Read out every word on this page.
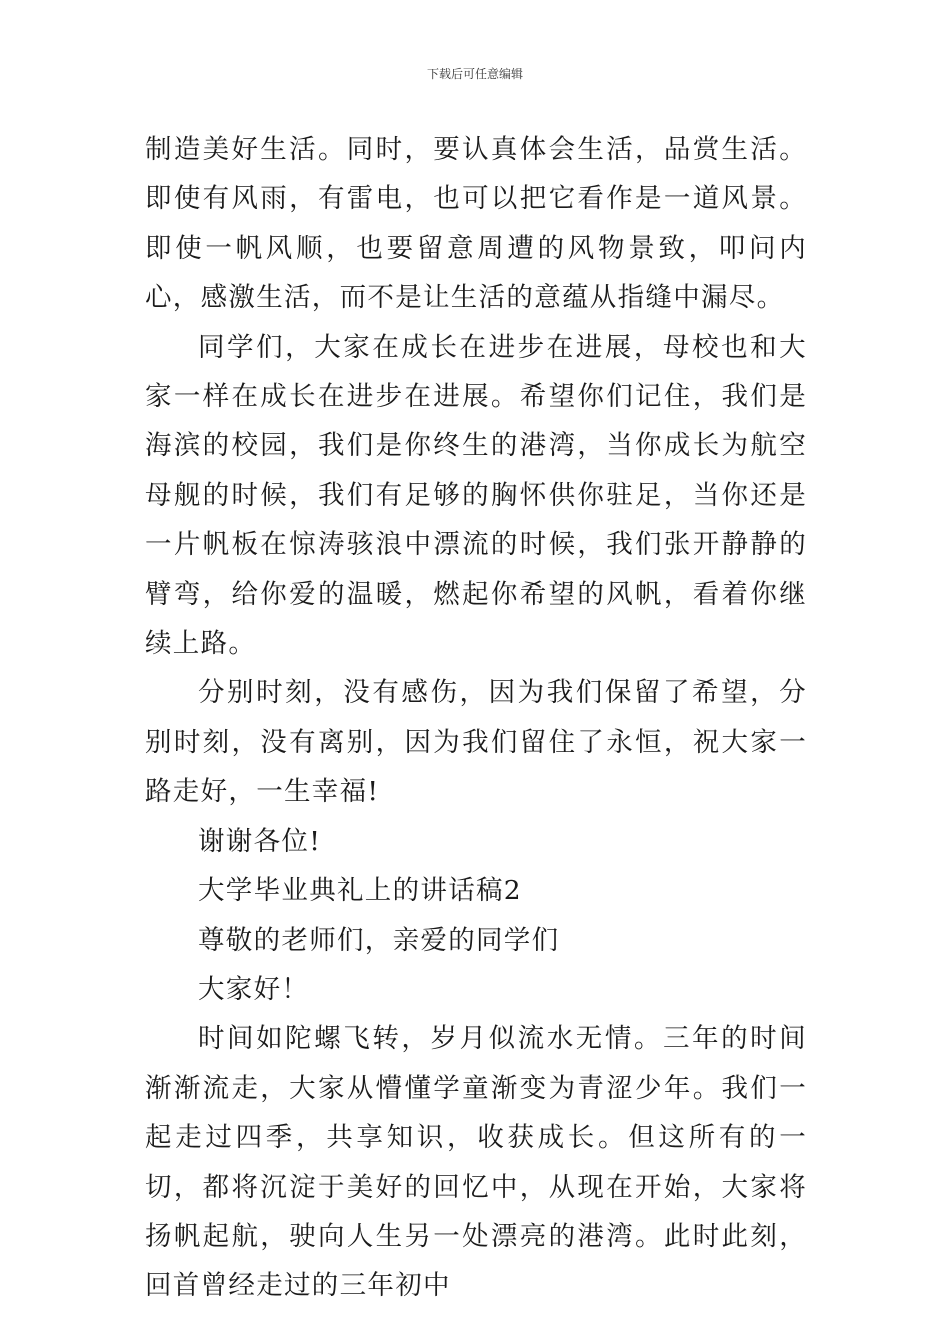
下载后可任意编辑

制造美好生活。同时，要认真体会生活，品赏生活。即使有风雨，有雷电，也可以把它看作是一道风景。即使一帆风顺，也要留意周遭的风物景致，叩问内心，感激生活，而不是让生活的意蕴从指缝中漏尽。

同学们，大家在成长在进步在进展，母校也和大家一样在成长在进步在进展。希望你们记住，我们是海滨的校园，我们是你终生的港湾，当你成长为航空母舰的时候，我们有足够的胸怀供你驻足，当你还是一片帆板在惊涛骇浪中漂流的时候，我们张开静静的臂弯，给你爱的温暖，燃起你希望的风帆，看着你继续上路。

分别时刻，没有感伤，因为我们保留了希望，分别时刻，没有离别，因为我们留住了永恒，祝大家一路走好，一生幸福!

谢谢各位!

大学毕业典礼上的讲话稿2

尊敬的老师们，亲爱的同学们

大家好！

时间如陀螺飞转，岁月似流水无情。三年的时间渐渐流走，大家从懵懂学童渐变为青涩少年。我们一起走过四季，共享知识，收获成长。但这所有的一切，都将沉淀于美好的回忆中，从现在开始，大家将扬帆起航，驶向人生另一处漂亮的港湾。此时此刻，回首曾经走过的三年初中
